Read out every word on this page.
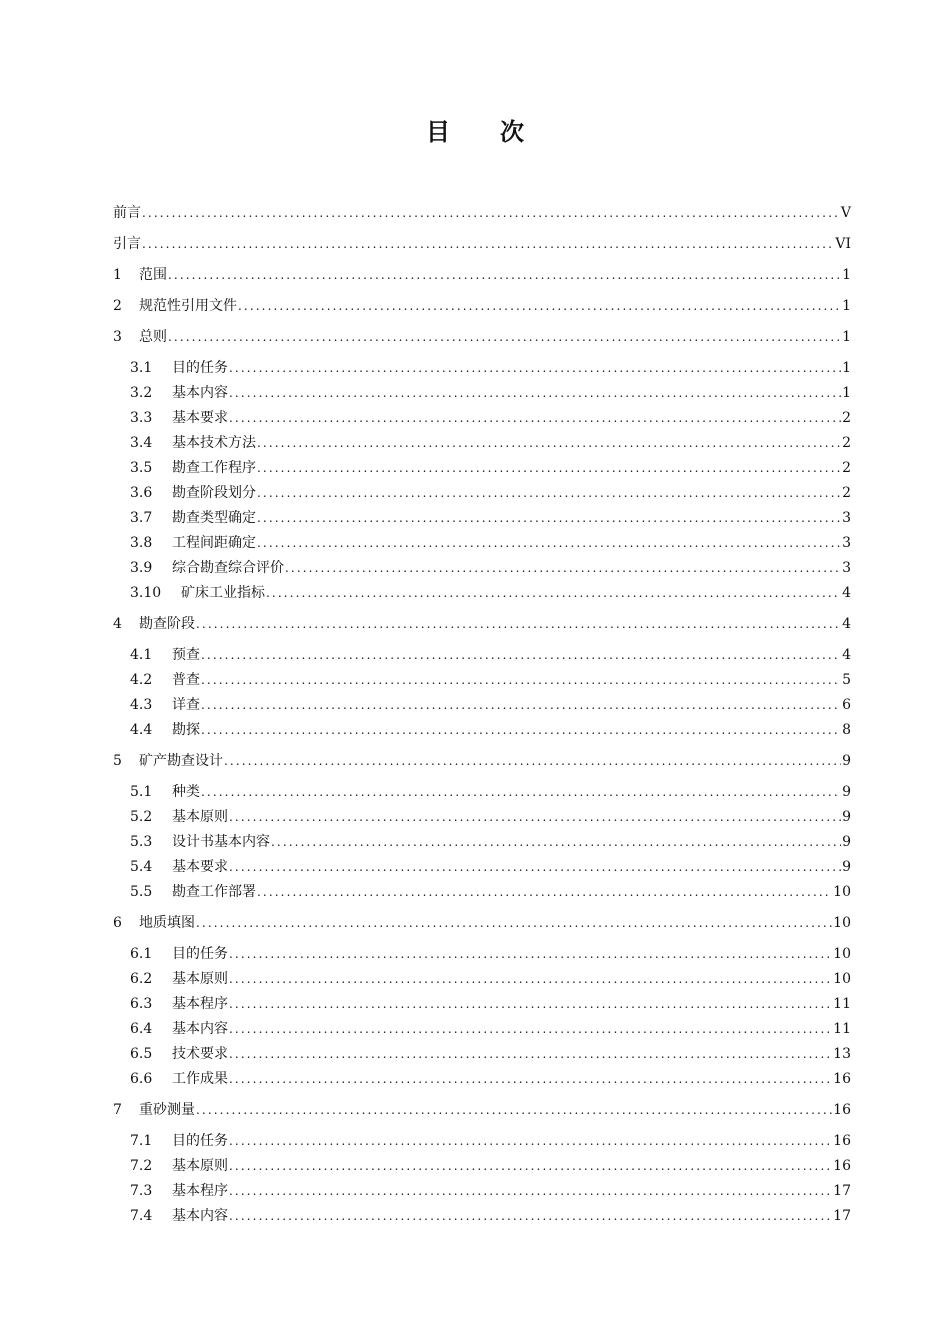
目 次
前言 .....	V
引言 .....	VI
1	范围 .....	1
2	规范性引用文件 .....	1
3	总则 .....	1
3.1	目的任务 .....	1
3.2	基本内容 .....	1
3.3	基本要求 .....	2
3.4	基本技术方法 .....	2
3.5	勘查工作程序 .....	2
3.6	勘查阶段划分 .....	2
3.7	勘查类型确定 .....	3
3.8	工程间距确定 .....	3
3.9	综合勘查综合评价 .....	3
3.10	矿床工业指标 .....	4
4	勘查阶段 .....	4
4.1	预查 .....	4
4.2	普查 .....	5
4.3	详查 .....	6
4.4	勘探 .....	8
5	矿产勘查设计 .....	9
5.1	种类 .....	9
5.2	基本原则 .....	9
5.3	设计书基本内容 .....	9
5.4	基本要求 .....	9
5.5	勘查工作部署 .....	10
6	地质填图 .....	10
6.1	目的任务 .....	10
6.2	基本原则 .....	10
6.3	基本程序 .....	11
6.4	基本内容 .....	11
6.5	技术要求 .....	13
6.6	工作成果 .....	16
7	重砂测量 .....	16
7.1	目的任务 .....	16
7.2	基本原则 .....	16
7.3	基本程序 .....	17
7.4	基本内容 .....	17
